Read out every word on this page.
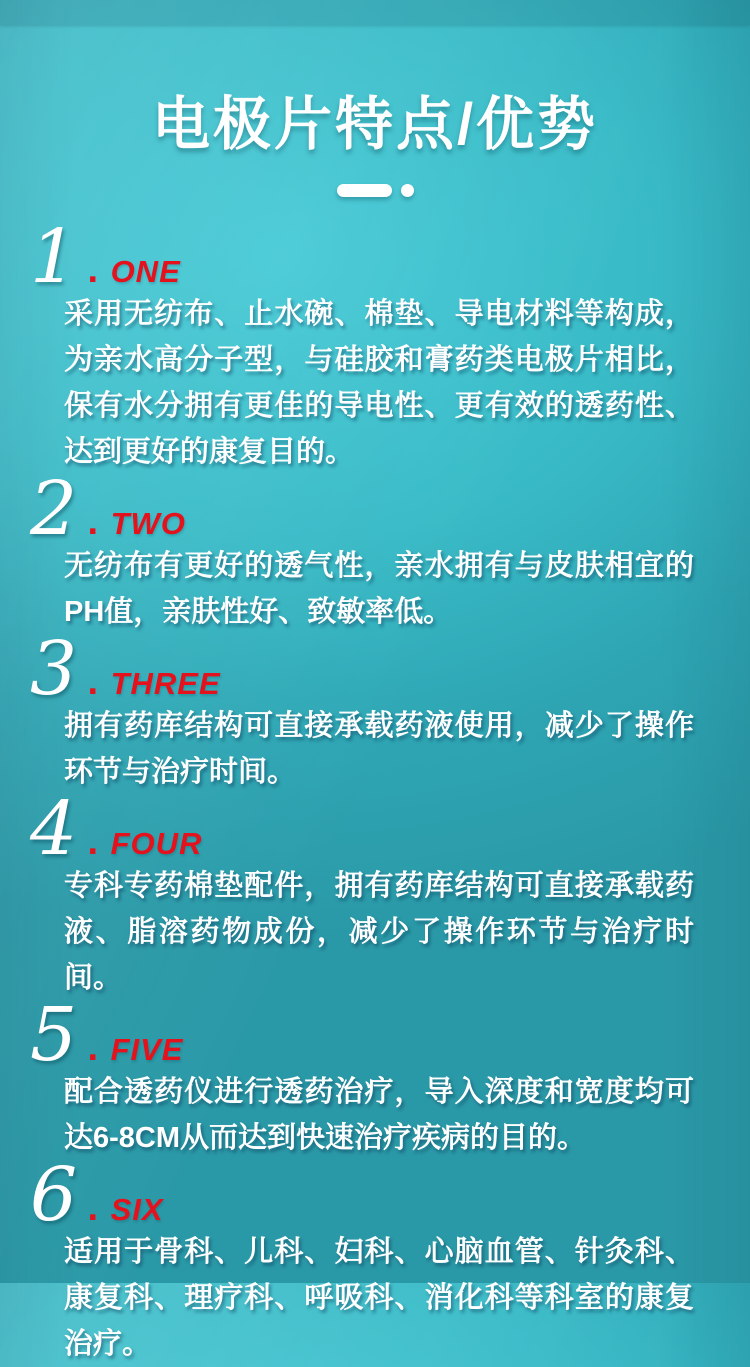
电极片特点/优势
1 . ONE
采用无纺布、止水碗、棉垫、导电材料等构成，为亲水高分子型，与硅胶和膏药类电极片相比，保有水分拥有更佳的导电性、更有效的透药性、达到更好的康复目的。
2 . TWO
无纺布有更好的透气性，亲水拥有与皮肤相宜的PH值，亲肤性好、致敏率低。
3 . THREE
拥有药库结构可直接承载药液使用，减少了操作环节与治疗时间。
4 . FOUR
专科专药棉垫配件，拥有药库结构可直接承载药液、脂溶药物成份，减少了操作环节与治疗时间。
5 . FIVE
配合透药仪进行透药治疗，导入深度和宽度均可达6-8CM从而达到快速治疗疾病的目的。
6 . SIX
适用于骨科、儿科、妇科、心脑血管、针灸科、康复科、理疗科、呼吸科、消化科等科室的康复治疗。
